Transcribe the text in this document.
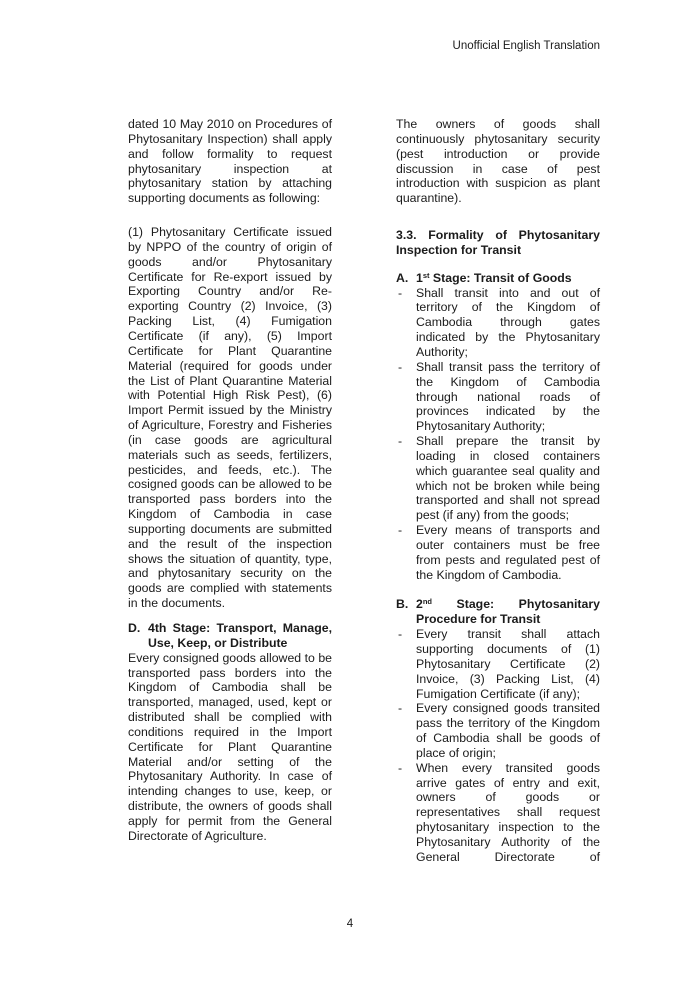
Unofficial English Translation

dated 10 May 2010 on Procedures of Phytosanitary Inspection) shall apply and follow formality to request phytosanitary inspection at phytosanitary station by attaching supporting documents as following:

(1) Phytosanitary Certificate issued by NPPO of the country of origin of goods and/or Phytosanitary Certificate for Re-export issued by Exporting Country and/or Re-exporting Country (2) Invoice, (3) Packing List, (4) Fumigation Certificate (if any), (5) Import Certificate for Plant Quarantine Material (required for goods under the List of Plant Quarantine Material with Potential High Risk Pest), (6) Import Permit issued by the Ministry of Agriculture, Forestry and Fisheries (in case goods are agricultural materials such as seeds, fertilizers, pesticides, and feeds, etc.). The cosigned goods can be allowed to be transported pass borders into the Kingdom of Cambodia in case supporting documents are submitted and the result of the inspection shows the situation of quantity, type, and phytosanitary security on the goods are complied with statements in the documents.

D. 4th Stage: Transport, Manage, Use, Keep, or Distribute

Every consigned goods allowed to be transported pass borders into the Kingdom of Cambodia shall be transported, managed, used, kept or distributed shall be complied with conditions required in the Import Certificate for Plant Quarantine Material and/or setting of the Phytosanitary Authority. In case of intending changes to use, keep, or distribute, the owners of goods shall apply for permit from the General Directorate of Agriculture.

The owners of goods shall continuously phytosanitary security (pest introduction or provide discussion in case of pest introduction with suspicion as plant quarantine).

3.3. Formality of Phytosanitary Inspection for Transit
A. 1st Stage: Transit of Goods
- Shall transit into and out of territory of the Kingdom of Cambodia through gates indicated by the Phytosanitary Authority;
- Shall transit pass the territory of the Kingdom of Cambodia through national roads of provinces indicated by the Phytosanitary Authority;
- Shall prepare the transit by loading in closed containers which guarantee seal quality and which not be broken while being transported and shall not spread pest (if any) from the goods;
- Every means of transports and outer containers must be free from pests and regulated pest of the Kingdom of Cambodia.
B. 2nd Stage: Phytosanitary Procedure for Transit
- Every transit shall attach supporting documents of (1) Phytosanitary Certificate (2) Invoice, (3) Packing List, (4) Fumigation Certificate (if any);
- Every consigned goods transited pass the territory of the Kingdom of Cambodia shall be goods of place of origin;
- When every transited goods arrive gates of entry and exit, owners of goods or representatives shall request phytosanitary inspection to the Phytosanitary Authority of the General Directorate of
4
